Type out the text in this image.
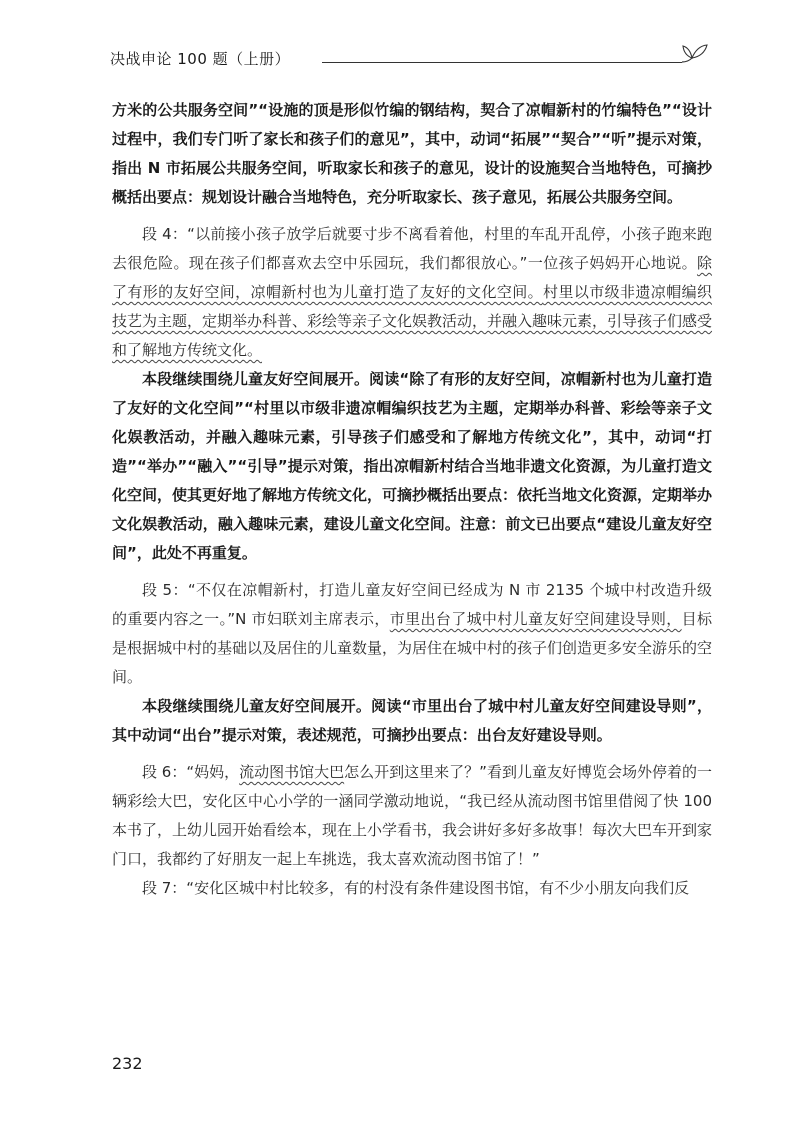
决战申论 100 题（上册）

方米的公共服务空间”“设施的顶是形似竹编的钢结构，契合了凉帽新村的竹编特色”“设计过程中，我们专门听了家长和孩子们的意见”，其中，动词“拓展”“契合”“听”提示对策，指出 N 市拓展公共服务空间，听取家长和孩子的意见，设计的设施契合当地特色，可摘抄概括出要点：规划设计融合当地特色，充分听取家长、孩子意见，拓展公共服务空间。

段 4：“以前接小孩子放学后就要寸步不离看着他，村里的车乱开乱停，小孩子跑来跑去很危险。现在孩子们都喜欢去空中乐园玩，我们都很放心。”一位孩子妈妈开心地说。除了有形的友好空间，凉帽新村也为儿童打造了友好的文化空间。村里以市级非遗凉帽编织技艺为主题，定期举办科普、彩绘等亲子文化娱教活动，并融入趣味元素，引导孩子们感受和了解地方传统文化。

本段继续围绕儿童友好空间展开。阅读“除了有形的友好空间，凉帽新村也为儿童打造了友好的文化空间”“村里以市级非遗凉帽编织技艺为主题，定期举办科普、彩绘等亲子文化娱教活动，并融入趣味元素，引导孩子们感受和了解地方传统文化”，其中，动词“打造”“举办”“融入”“引导”提示对策，指出凉帽新村结合当地非遗文化资源，为儿童打造文化空间，使其更好地了解地方传统文化，可摘抄概括出要点：依托当地文化资源，定期举办文化娱教活动，融入趣味元素，建设儿童文化空间。注意：前文已出要点“建设儿童友好空间”，此处不再重复。

段 5：“不仅在凉帽新村，打造儿童友好空间已经成为 N 市 2135 个城中村改造升级的重要内容之一。”N 市妇联刘主席表示，市里出台了城中村儿童友好空间建设导则，目标是根据城中村的基础以及居住的儿童数量，为居住在城中村的孩子们创造更多安全游乐的空间。

本段继续围绕儿童友好空间展开。阅读“市里出台了城中村儿童友好空间建设导则”，其中动词“出台”提示对策，表述规范，可摘抄出要点：出台友好建设导则。

段 6：“妈妈，流动图书馆大巴怎么开到这里来了？”看到儿童友好博览会场外停着的一辆彩绘大巴，安化区中心小学的一涵同学激动地说，“我已经从流动图书馆里借阅了快 100 本书了，上幼儿园开始看绘本，现在上小学看书，我会讲好多好多故事！每次大巴车开到家门口，我都约了好朋友一起上车挑选，我太喜欢流动图书馆了！”

段 7：“安化区城中村比较多，有的村没有条件建设图书馆，有不少小朋友向我们反

232
